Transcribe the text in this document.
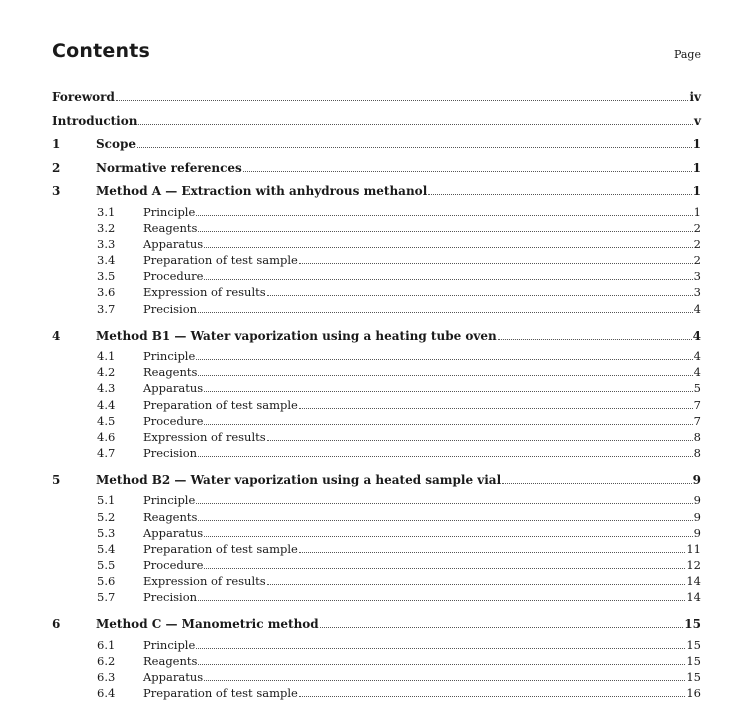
Contents	Page
Foreword	iv
Introduction	v
1	Scope	1
2	Normative references	1
3	Method A — Extraction with anhydrous methanol	1
3.1	Principle	1
3.2	Reagents	2
3.3	Apparatus	2
3.4	Preparation of test sample	2
3.5	Procedure	3
3.6	Expression of results	3
3.7	Precision	4
4	Method B1 — Water vaporization using a heating tube oven	4
4.1	Principle	4
4.2	Reagents	4
4.3	Apparatus	5
4.4	Preparation of test sample	7
4.5	Procedure	7
4.6	Expression of results	8
4.7	Precision	8
5	Method B2 — Water vaporization using a heated sample vial	9
5.1	Principle	9
5.2	Reagents	9
5.3	Apparatus	9
5.4	Preparation of test sample	11
5.5	Procedure	12
5.6	Expression of results	14
5.7	Precision	14
6	Method C — Manometric method	15
6.1	Principle	15
6.2	Reagents	15
6.3	Apparatus	15
6.4	Preparation of test sample	16
